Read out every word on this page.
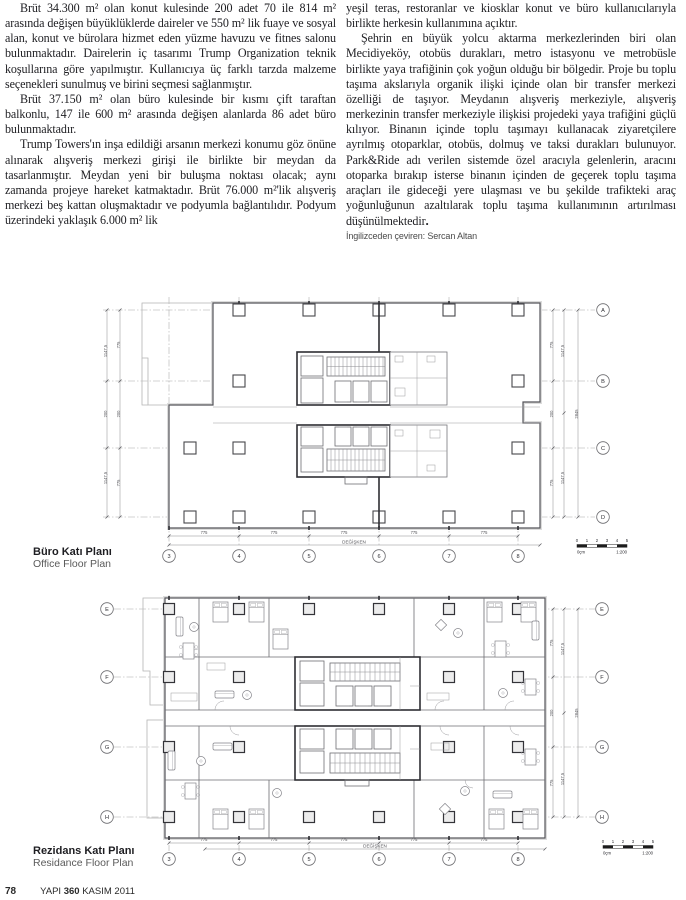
Brüt 34.300 m² olan konut kulesinde 200 adet 70 ile 814 m² arasında değişen büyüklüklerde daireler ve 550 m² lik fuaye ve sosyal alan, konut ve bürolara hizmet eden yüzme havuzu ve fitnes salonu bulunmaktadır. Dairelerin iç tasarımı Trump Organization teknik koşullarına göre yapılmıştır. Kullanıcıya üç farklı tarzda malzeme seçenekleri sunulmuş ve birini seçmesi sağlanmıştır.

Brüt 37.150 m² olan büro kulesinde bir kısmı çift taraftan balkonlu, 147 ile 600 m² arasında değişen alanlarda 86 adet büro bulunmaktadır.

Trump Towers'ın inşa edildiği arsanın merkezi konumu göz önüne alınarak alışveriş merkezi girişi ile birlikte bir meydan da tasarlanmıştır. Meydan yeni bir buluşma noktası olacak; aynı zamanda projeye hareket katmaktadır. Brüt 76.000 m²'lik alışveriş merkezi beş kattan oluşmaktadır ve podyumla bağlantılıdır. Podyum üzerindeki yaklaşık 6.000 m² lik

yeşil teras, restoranlar ve kiosklar konut ve büro kullanıcılarıyla birlikte herkesin kullanımına açıktır.

Şehrin en büyük yolcu aktarma merkezlerinden biri olan Mecidiyeköy, otobüs durakları, metro istasyonu ve metrobüsle birlikte yaya trafiğinin çok yoğun olduğu bir bölgedir. Proje bu toplu taşıma akslarıyla organik ilişki içinde olan bir transfer merkezi özelliği de taşıyor. Meydanın alışveriş merkeziyle, alışveriş merkezinin transfer merkeziyle ilişkisi projedeki yaya trafiğini güçlü kılıyor. Binanın içinde toplu taşımayı kullanacak ziyaretçilere ayrılmış otoparklar, otobüs, dolmuş ve taksi durakları bulunuyor. Park&Ride adı verilen sistemde özel aracıyla gelenlerin, aracını otoparka bırakıp isterse binanın içinden de geçerek toplu taşıma araçları ile gideceği yere ulaşması ve bu şekilde trafikteki araç yoğunluğunun azaltılarak toplu taşıma kullanımının artırılması düşünülmektedir.

İngilizceden çeviren: Sercan Altan

Büro Katı Planı
Office Floor Plan
1147,5
200
1147,5
775
200
775
775
200
775
1147,5
1147,5
2845
775	775	775	775	775
DEĞİŞKEN
3	4	5	6	7	8
A
B
C
D
0 1 2 3 4 5
0çm	1:200
Rezidans Katı Planı
Residance Floor Plan
775
200
775
1147,5
1147,5
2845
775	775	775	775	775
DEĞİŞKEN
3	4	5	6	7	8
E
F
G
H
E
F
G
H
0 1 2 3 4 5
0çm	1:200
78	YAPI 360 KASIM 2011
